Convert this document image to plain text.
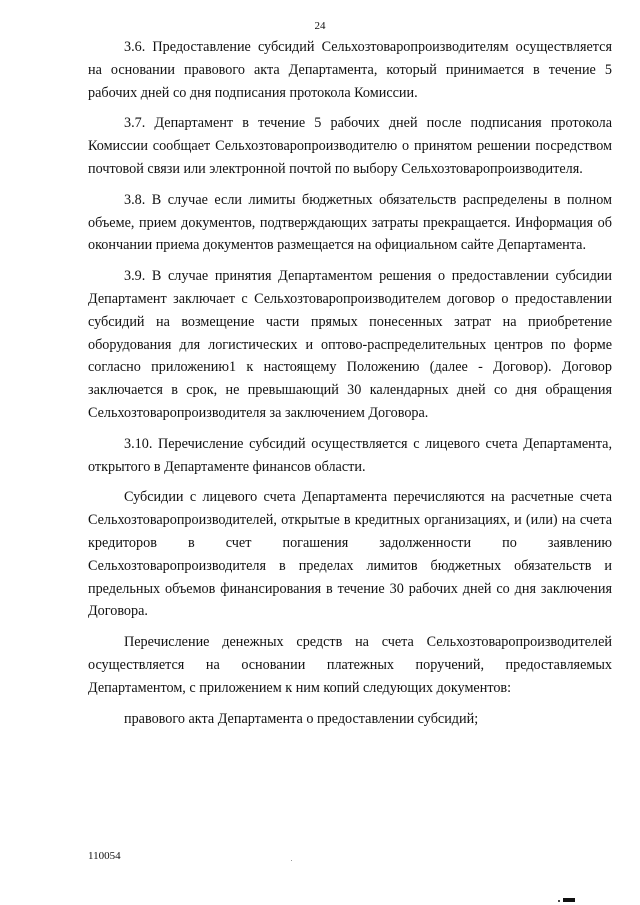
24

3.6. Предоставление субсидий Сельхозтоваропроизводителям осуществляется на основании правового акта Департамента, который принимается в течение 5 рабочих дней со дня подписания протокола Комиссии.

3.7. Департамент в течение 5 рабочих дней после подписания протокола Комиссии сообщает Сельхозтоваропроизводителю о принятом решении посредством почтовой связи или электронной почтой по выбору Сельхозтоваропроизводителя.

3.8. В случае если лимиты бюджетных обязательств распределены в полном объеме, прием документов, подтверждающих затраты прекращается. Информация об окончании приема документов размещается на официальном сайте Департамента.

3.9. В случае принятия Департаментом решения о предоставлении субсидии Департамент заключает с Сельхозтоваропроизводителем договор о предоставлении субсидий на возмещение части прямых понесенных затрат на приобретение оборудования для логистических и оптово-распределительных центров по форме согласно приложению1 к настоящему Положению (далее - Договор). Договор заключается в срок, не превышающий 30 календарных дней со дня обращения Сельхозтоваропроизводителя за заключением Договора.

3.10. Перечисление субсидий осуществляется с лицевого счета Департамента, открытого в Департаменте финансов области.

Субсидии с лицевого счета Департамента перечисляются на расчетные счета Сельхозтоваропроизводителей, открытые в кредитных организациях, и (или) на счета кредиторов в счет погашения задолженности по заявлению Сельхозтоваропроизводителя в пределах лимитов бюджетных обязательств и предельных объемов финансирования в течение 30 рабочих дней со дня заключения Договора.

Перечисление денежных средств на счета Сельхозтоваропроизводителей осуществляется на основании платежных поручений, предоставляемых Департаментом, с приложением к ним копий следующих документов:

правового акта Департамента о предоставлении субсидий;

110054
